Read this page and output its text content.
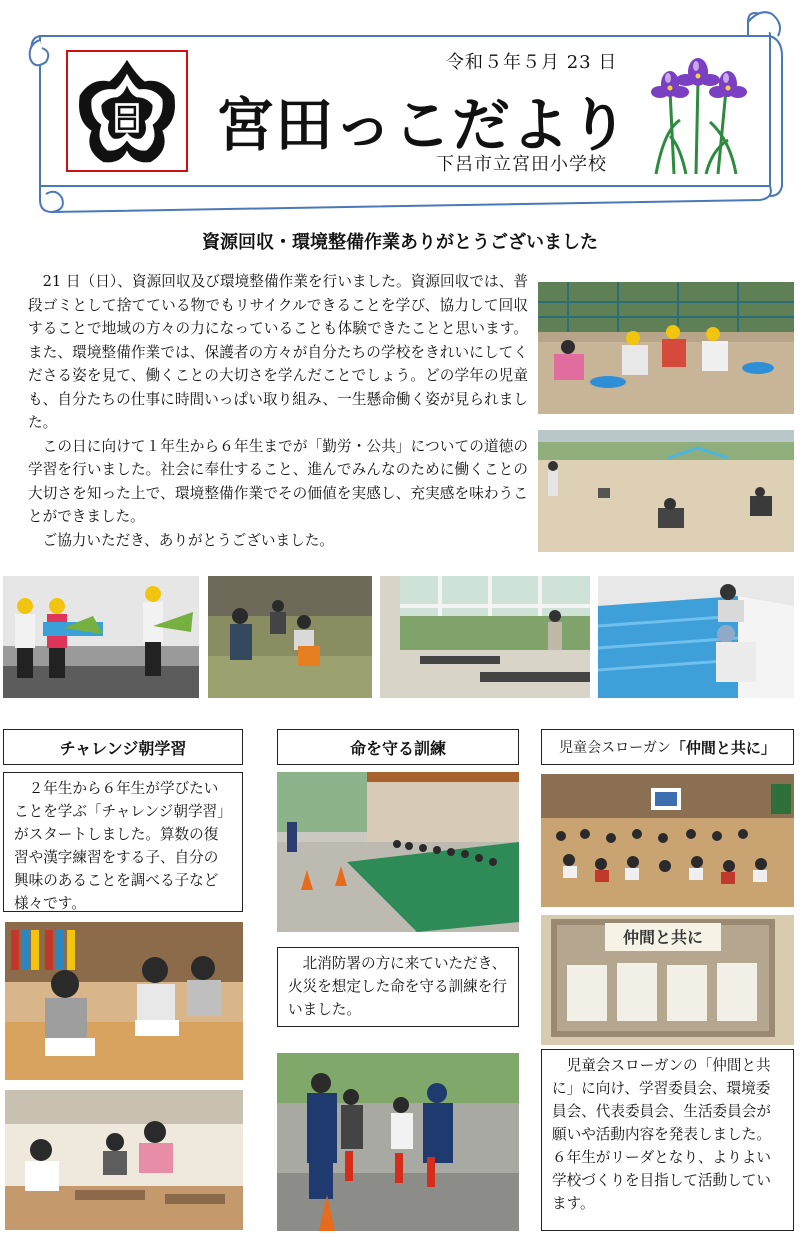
令和５年５月 23 日
宮田っこだより
下呂市立宮田小学校
資源回収・環境整備作業ありがとうございました

21 日（日）、資源回収及び環境整備作業を行いました。資源回収では、普段ゴミとして捨てている物でもリサイクルできることを学び、協力して回収することで地域の方々の力になっていることも体験できたことと思います。また、環境整備作業では、保護者の方々が自分たちの学校をきれいにしてくださる姿を見て、働くことの大切さを学んだことでしょう。どの学年の児童も、自分たちの仕事に時間いっぱい取り組み、一生懸命働く姿が見られました。

この日に向けて１年生から６年生までが「勤労・公共」についての道徳の学習を行いました。社会に奉仕すること、進んでみんなのために働くことの大切さを知った上で、環境整備作業でその価値を実感し、充実感を味わうことができました。

ご協力いただき、ありがとうございました。

チャレンジ朝学習

２年生から６年生が学びたいことを学ぶ「チャレンジ朝学習」がスタートしました。算数の復習や漢字練習をする子、自分の興味のあることを調べる子など様々です。

命を守る訓練

北消防署の方に来ていただき、火災を想定した命を守る訓練を行いました。

児童会スローガン 「仲間と共に」
仲間と共に

児童会スローガンの「仲間と共に」に向け、学習委員会、環境委員会、代表委員会、生活委員会が願いや活動内容を発表しました。

６年生がリーダとなり、よりよい学校づくりを目指して活動しています。
